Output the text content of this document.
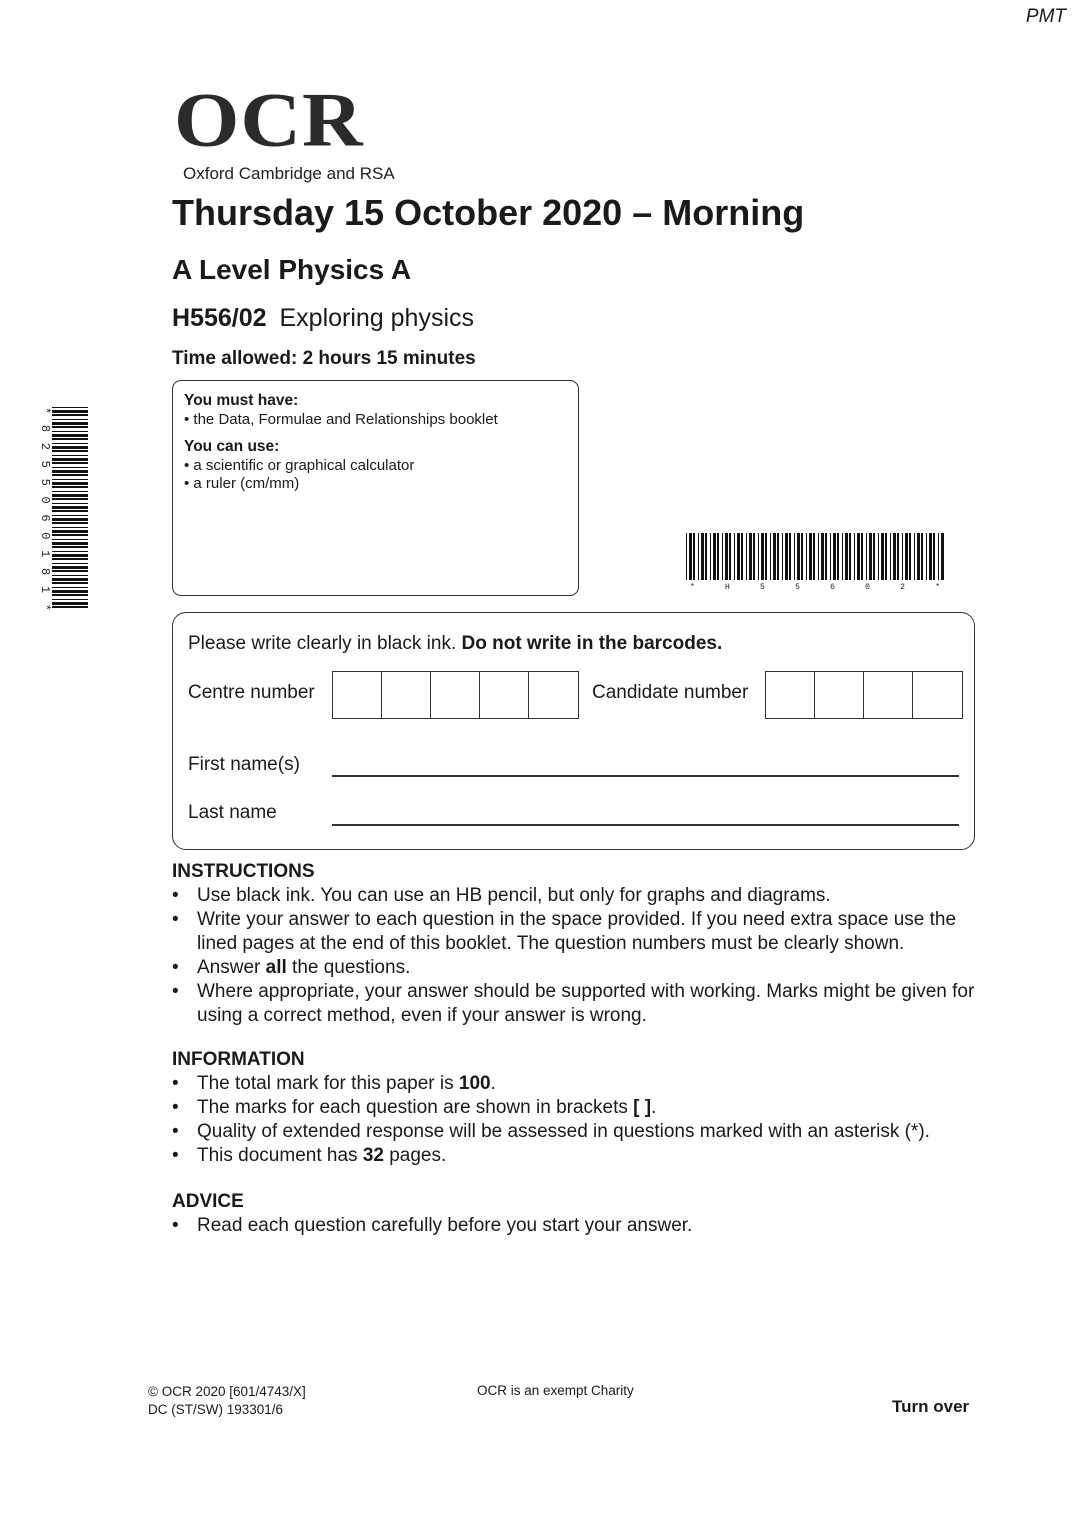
PMT
OCR
Oxford Cambridge and RSA
Thursday 15 October 2020 – Morning
A Level Physics A
H556/02 Exploring physics
Time allowed: 2 hours 15 minutes
You must have:
• the Data, Formulae and Relationships booklet
You can use:
• a scientific or graphical calculator
• a ruler (cm/mm)
*8255060181*
* H 5 5 6 0 2 *
Please write clearly in black ink. Do not write in the barcodes.
Centre number	Candidate number
First name(s)
Last name
INSTRUCTIONS
• Use black ink. You can use an HB pencil, but only for graphs and diagrams.
• Write your answer to each question in the space provided. If you need extra space use the lined pages at the end of this booklet. The question numbers must be clearly shown.
• Answer all the questions.
• Where appropriate, your answer should be supported with working. Marks might be given for using a correct method, even if your answer is wrong.
INFORMATION
• The total mark for this paper is 100.
• The marks for each question are shown in brackets [ ].
• Quality of extended response will be assessed in questions marked with an asterisk (*).
• This document has 32 pages.
ADVICE
• Read each question carefully before you start your answer.
© OCR 2020 [601/4743/X]
DC (ST/SW) 193301/6
OCR is an exempt Charity
Turn over
